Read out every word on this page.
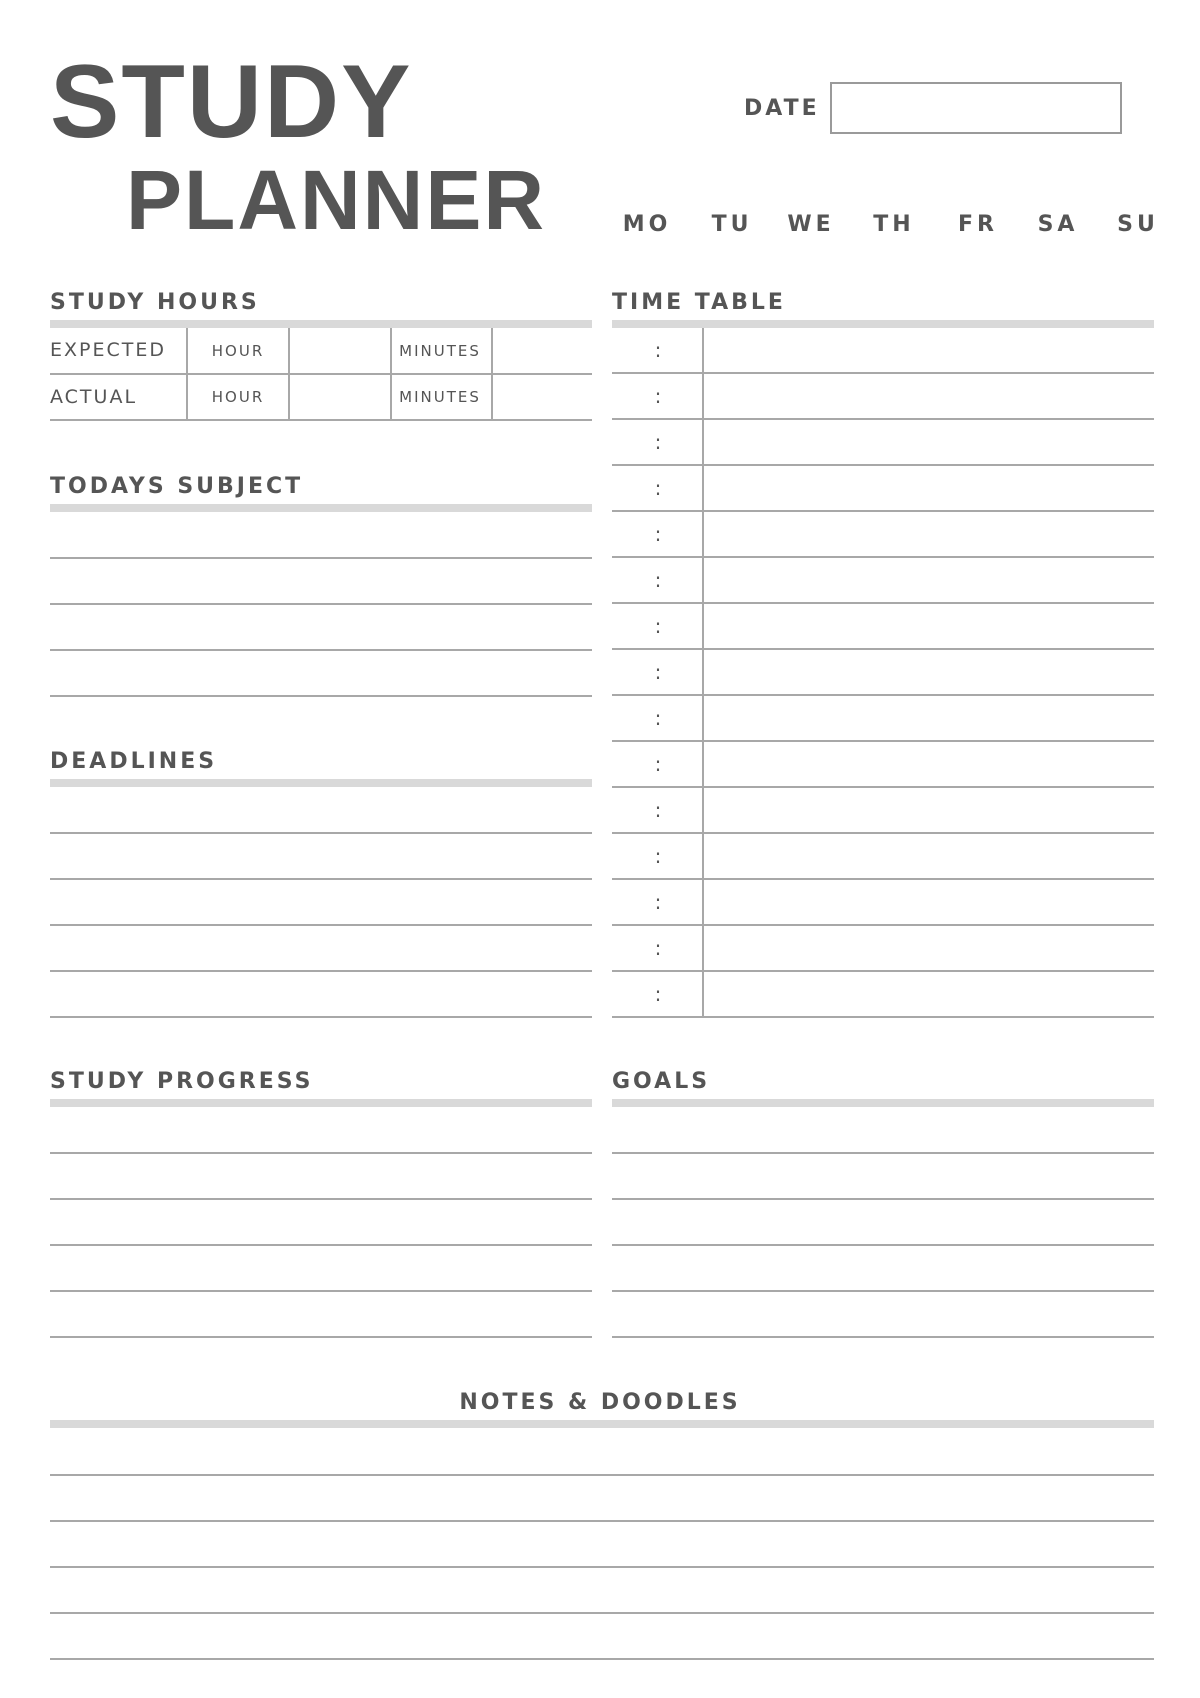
STUDY
PLANNER
DATE
MO	TU	WE	TH	FR	SA	SU
STUDY HOURS
EXPECTED	HOUR	MINUTES
ACTUAL	HOUR	MINUTES
TODAYS SUBJECT
DEADLINES
TIME TABLE
:
:
:
:
:
:
:
:
:
:
:
:
:
:
:
STUDY PROGRESS	GOALS
NOTES & DOODLES
